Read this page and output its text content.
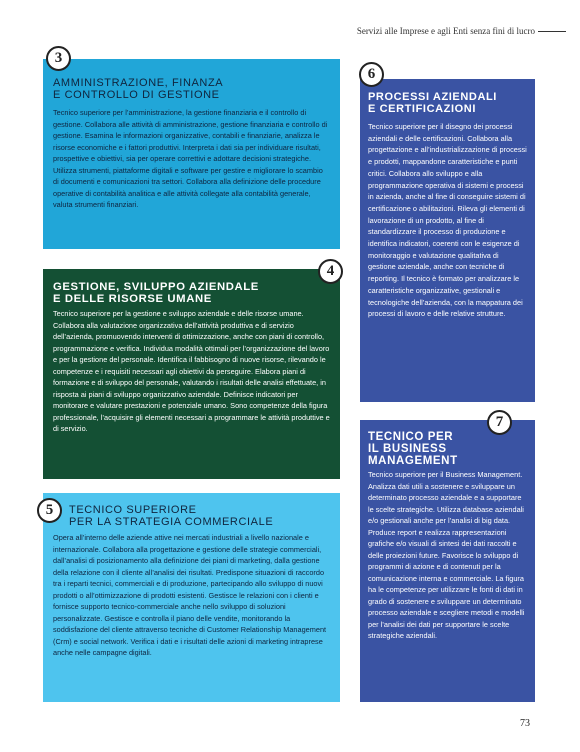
Servizi alle Imprese e agli Enti senza fini di lucro
AMMINISTRAZIONE, FINANZA
E CONTROLLO DI GESTIONE
Tecnico superiore per l’amministrazione, la gestione finanziaria e il controllo di gestione. Collabora alle attività di amministrazione, gestione finanziaria e controllo di gestione. Esamina le informazioni organizzative, contabili e finanziarie, analizza le risorse economiche e i fattori produttivi. Interpreta i dati sia per individuare risultati, prospettive e obiettivi, sia per operare correttivi e adottare decisioni strategiche. Utilizza strumenti, piattaforme digitali e software per gestire e migliorare lo scambio di documenti e comunicazioni tra settori. Collabora alla definizione delle procedure operative di contabilità analitica e alle attività collegate alla contabilità generale, valuta strumenti finanziari.
3
GESTIONE, SVILUPPO AZIENDALE
E DELLE RISORSE UMANE
Tecnico superiore per la gestione e sviluppo aziendale e delle risorse umane. Collabora alla valutazione organizzativa dell’attività produttiva e di servizio dell’azienda, promuovendo interventi di ottimizzazione, anche con piani di controllo, programmazione e verifica. Individua modalità ottimali per l’organizzazione del lavoro e per la gestione del personale. Identifica il fabbisogno di nuove risorse, rilevando le competenze e i requisiti necessari agli obiettivi da perseguire. Elabora piani di formazione e di sviluppo del personale, valutando i risultati delle analisi effettuate, in risposta ai piani di sviluppo organizzativo aziendale. Definisce indicatori per monitorare e valutare prestazioni e potenziale umano. Sono competenze della figura professionale, l’acquisire gli elementi necessari a programmare le attività produttive e di servizio.
4
TECNICO SUPERIORE
PER LA STRATEGIA COMMERCIALE
Opera all’interno delle aziende attive nei mercati industriali a livello nazionale e internazionale. Collabora alla progettazione e gestione delle strategie commerciali, dall’analisi di posizionamento alla definizione dei piani di marketing, dalla gestione della relazione con il cliente all’analisi dei risultati. Predispone situazioni di raccordo tra i reparti tecnici, commerciali e di produzione, partecipando allo sviluppo di nuovi prodotti o all’ottimizzazione di prodotti esistenti. Gestisce le relazioni con i clienti e fornisce supporto tecnico-commerciale anche nello sviluppo di soluzioni personalizzate. Gestisce e controlla il piano delle vendite, monitorando la soddisfazione del cliente attraverso tecniche di Customer Relationship Management (Crm) e social network. Verifica i dati e i risultati delle azioni di marketing intraprese anche nelle campagne digitali.
5
PROCESSI AZIENDALI
E CERTIFICAZIONI
Tecnico superiore per il disegno dei processi aziendali e delle certificazioni. Collabora alla progettazione e all’industrializzazione di processi e prodotti, mappandone caratteristiche e punti critici. Collabora allo sviluppo e alla programmazione operativa di sistemi e processi in azienda, anche al fine di conseguire sistemi di certificazione o abilitazioni. Rileva gli elementi di lavorazione di un prodotto, al fine di standardizzare il processo di produzione e identifica indicatori, coerenti con le esigenze di monitoraggio e valutazione qualitativa di gestione aziendale, anche con tecniche di reporting. Il tecnico è formato per analizzare le caratteristiche organizzative, gestionali e tecnologiche dell’azienda, con la mappatura dei processi di lavoro e delle relative strutture.
6
TECNICO PER
IL BUSINESS
MANAGEMENT
Tecnico superiore per il Business Management. Analizza dati utili a sostenere e sviluppare un determinato processo aziendale e a supportare le scelte strategiche. Utilizza database aziendali e/o gestionali anche per l’analisi di big data. Produce report e realizza rappresentazioni grafiche e/o visuali di sintesi dei dati raccolti e delle proiezioni future. Favorisce lo sviluppo di programmi di azione e di contenuti per la comunicazione interna e commerciale. La figura ha le competenze per utilizzare le fonti di dati in grado di sostenere e sviluppare un determinato processo aziendale e scegliere metodi e modelli per l’analisi dei dati per supportare le scelte strategiche aziendali.
7
73
